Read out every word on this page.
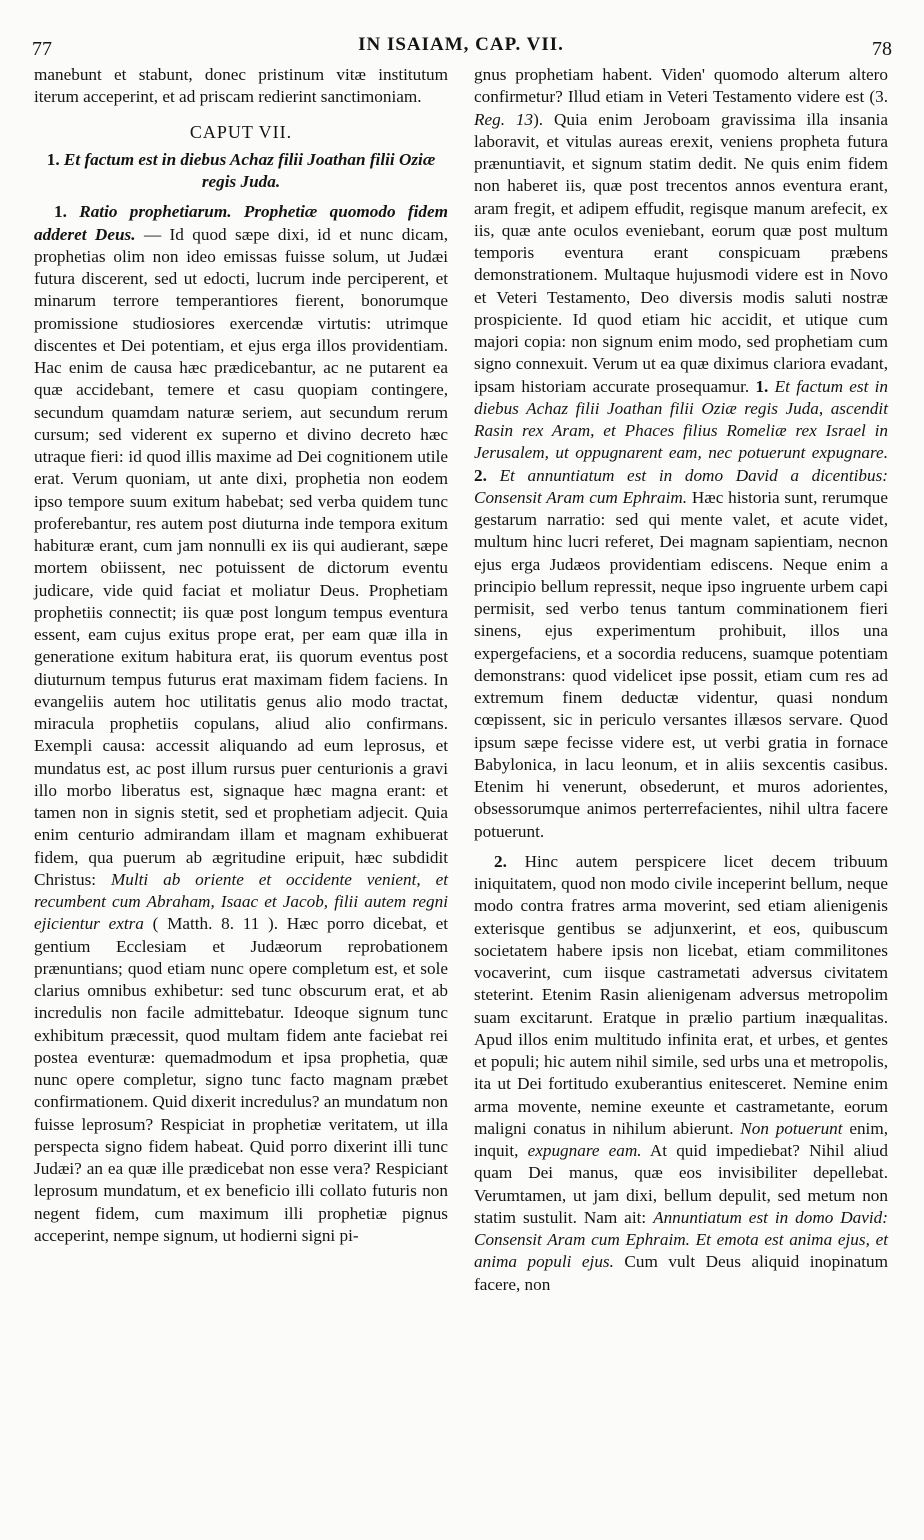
77	IN ISAIAM, CAP. VII.	78

manebunt et stabunt, donec pristinum vitæ institutum iterum acceperint, et ad priscam redierint sanctimoniam.

CAPUT VII.

1. Et factum est in diebus Achaz filii Joathan filii Oziæ regis Juda.

1. Ratio prophetiarum. Prophetiæ quomodo fidem adderet Deus. — Id quod sæpe dixi, id et nunc dicam, prophetias olim non ideo emissas fuisse solum, ut Judæi futura discerent, sed ut edocti, lucrum inde perciperent, et minarum terrore temperantiores fierent, bonorumque promissione studiosiores exercendæ virtutis: utrimque discentes et Dei potentiam, et ejus erga illos providentiam. Hac enim de causa hæc prædicebantur, ac ne putarent ea quæ accidebant, temere et casu quopiam contingere, secundum quamdam naturæ seriem, aut secundum rerum cursum; sed viderent ex superno et divino decreto hæc utraque fieri: id quod illis maxime ad Dei cognitionem utile erat. Verum quoniam, ut ante dixi, prophetia non eodem ipso tempore suum exitum habebat; sed verba quidem tunc proferebantur, res autem post diuturna inde tempora exitum habituræ erant, cum jam nonnulli ex iis qui audierant, sæpe mortem obiissent, nec potuissent de dictorum eventu judicare, vide quid faciat et moliatur Deus. Prophetiam prophetiis connectit; iis quæ post longum tempus eventura essent, eam cujus exitus prope erat, per eam quæ illa in generatione exitum habitura erat, iis quorum eventus post diuturnum tempus futurus erat maximam fidem faciens. In evangeliis autem hoc utilitatis genus alio modo tractat, miracula prophetiis copulans, aliud alio confirmans. Exempli causa: accessit aliquando ad eum leprosus, et mundatus est, ac post illum rursus puer centurionis a gravi illo morbo liberatus est, signaque hæc magna erant: et tamen non in signis stetit, sed et prophetiam adjecit. Quia enim centurio admirandam illam et magnam exhibuerat fidem, qua puerum ab ægritudine eripuit, hæc subdidit Christus: Multi ab oriente et occidente venient, et recumbent cum Abraham, Isaac et Jacob, filii autem regni ejicientur extra ( Matth. 8. 11 ). Hæc porro dicebat, et gentium Ecclesiam et Judæorum reprobationem prænuntians; quod etiam nunc opere completum est, et sole clarius omnibus exhibetur: sed tunc obscurum erat, et ab incredulis non facile admittebatur. Ideoque signum tunc exhibitum præcessit, quod multam fidem ante faciebat rei postea eventuræ: quemadmodum et ipsa prophetia, quæ nunc opere completur, signo tunc facto magnam præbet confirmationem. Quid dixerit incredulus? an mundatum non fuisse leprosum? Respiciat in prophetiæ veritatem, ut illa perspecta signo fidem habeat. Quid porro dixerint illi tunc Judæi? an ea quæ ille prædicebat non esse vera? Respiciant leprosum mundatum, et ex beneficio illi collato futuris non negent fidem, cum maximum illi prophetiæ pignus acceperint, nempe signum, ut hodierni signi pi-

gnus prophetiam habent. Viden' quomodo alterum altero confirmetur? Illud etiam in Veteri Testamento videre est (3. Reg. 13). Quia enim Jeroboam gravissima illa insania laboravit, et vitulas aureas erexit, veniens propheta futura prænuntiavit, et signum statim dedit. Ne quis enim fidem non haberet iis, quæ post trecentos annos eventura erant, aram fregit, et adipem effudit, regisque manum arefecit, ex iis, quæ ante oculos eveniebant, eorum quæ post multum temporis eventura erant conspicuam præbens demonstrationem. Multaque hujusmodi videre est in Novo et Veteri Testamento, Deo diversis modis saluti nostræ prospiciente. Id quod etiam hic accidit, et utique cum majori copia: non signum enim modo, sed prophetiam cum signo connexuit. Verum ut ea quæ diximus clariora evadant, ipsam historiam accurate prosequamur. 1. Et factum est in diebus Achaz filii Joathan filii Oziæ regis Juda, ascendit Rasin rex Aram, et Phaces filius Romeliæ rex Israel in Jerusalem, ut oppugnarent eam, nec potuerunt expugnare. 2. Et annuntiatum est in domo David a dicentibus: Consensit Aram cum Ephraim. Hæc historia sunt, rerumque gestarum narratio: sed qui mente valet, et acute videt, multum hinc lucri referet, Dei magnam sapientiam, necnon ejus erga Judæos providentiam ediscens. Neque enim a principio bellum repressit, neque ipso ingruente urbem capi permisit, sed verbo tenus tantum comminationem fieri sinens, ejus experimentum prohibuit, illos una expergefaciens, et a socordia reducens, suamque potentiam demonstrans: quod videlicet ipse possit, etiam cum res ad extremum finem deductæ videntur, quasi nondum cœpissent, sic in periculo versantes illæsos servare. Quod ipsum sæpe fecisse videre est, ut verbi gratia in fornace Babylonica, in lacu leonum, et in aliis sexcentis casibus. Etenim hi venerunt, obsederunt, et muros adorientes, obsessorumque animos perterrefacientes, nihil ultra facere potuerunt.

2. Hinc autem perspicere licet decem tribuum iniquitatem, quod non modo civile inceperint bellum, neque modo contra fratres arma moverint, sed etiam alienigenis exterisque gentibus se adjunxerint, et eos, quibuscum societatem habere ipsis non licebat, etiam commilitones vocaverint, cum iisque castrametati adversus civitatem steterint. Etenim Rasin alienigenam adversus metropolim suam excitarunt. Eratque in prælio partium inæqualitas. Apud illos enim multitudo infinita erat, et urbes, et gentes et populi; hic autem nihil simile, sed urbs una et metropolis, ita ut Dei fortitudo exuberantius enitesceret. Nemine enim arma movente, nemine exeunte et castrametante, eorum maligni conatus in nihilum abierunt. Non potuerunt enim, inquit, expugnare eam. At quid impediebat? Nihil aliud quam Dei manus, quæ eos invisibiliter depellebat. Verumtamen, ut jam dixi, bellum depulit, sed metum non statim sustulit. Nam ait: Annuntiatum est in domo David: Consensit Aram cum Ephraim. Et emota est anima ejus, et anima populi ejus. Cum vult Deus aliquid inopinatum facere, non
